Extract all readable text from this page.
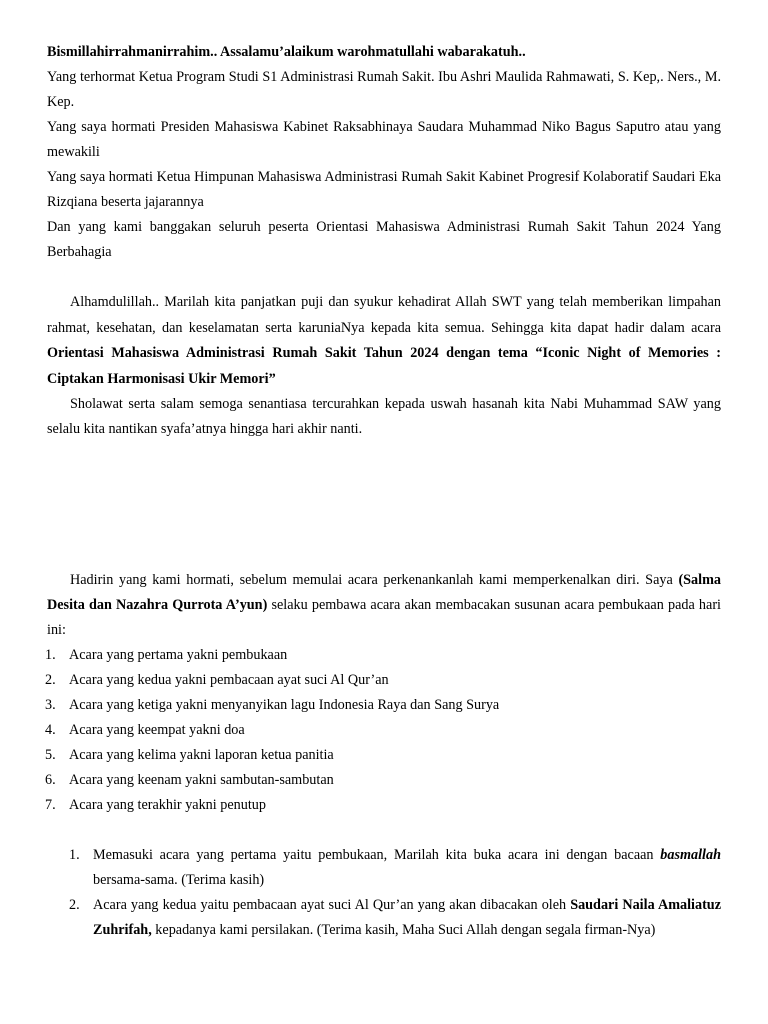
Bismillahirrahmanirrahim.. Assalamu’alaikum warohmatullahi wabarakatuh..

Yang terhormat Ketua Program Studi S1 Administrasi Rumah Sakit. Ibu Ashri Maulida Rahmawati, S. Kep,. Ners., M. Kep.

Yang saya hormati Presiden Mahasiswa Kabinet Raksabhinaya Saudara Muhammad Niko Bagus Saputro atau yang mewakili

Yang saya hormati Ketua Himpunan Mahasiswa Administrasi Rumah Sakit Kabinet Progresif Kolaboratif Saudari Eka Rizqiana beserta jajarannya

Dan yang kami banggakan seluruh peserta Orientasi Mahasiswa Administrasi Rumah Sakit Tahun 2024 Yang Berbahagia

Alhamdulillah.. Marilah kita panjatkan puji dan syukur kehadirat Allah SWT yang telah memberikan limpahan rahmat, kesehatan, dan keselamatan serta karuniaNya kepada kita semua. Sehingga kita dapat hadir dalam acara Orientasi Mahasiswa Administrasi Rumah Sakit Tahun 2024 dengan tema “Iconic Night of Memories : Ciptakan Harmonisasi Ukir Memori”

Sholawat serta salam semoga senantiasa tercurahkan kepada uswah hasanah kita Nabi Muhammad SAW yang selalu kita nantikan syafa’atnya hingga hari akhir nanti.

Hadirin yang kami hormati, sebelum memulai acara perkenankanlah kami memperkenalkan diri. Saya (Salma Desita dan Nazahra Qurrota A’yun) selaku pembawa acara akan membacakan susunan acara pembukaan pada hari ini:

1. Acara yang pertama yakni pembukaan
2. Acara yang kedua yakni pembacaan ayat suci Al Qur’an
3. Acara yang ketiga yakni menyanyikan lagu Indonesia Raya dan Sang Surya
4. Acara yang keempat yakni doa
5. Acara yang kelima yakni laporan ketua panitia
6. Acara yang keenam yakni sambutan-sambutan
7. Acara yang terakhir yakni penutup
1. Memasuki acara yang pertama yaitu pembukaan, Marilah kita buka acara ini dengan bacaan basmallah bersama-sama. (Terima kasih)
2. Acara yang kedua yaitu pembacaan ayat suci Al Qur’an yang akan dibacakan oleh Saudari Naila Amaliatuz Zuhrifah, kepadanya kami persilakan. (Terima kasih, Maha Suci Allah dengan segala firman-Nya)
